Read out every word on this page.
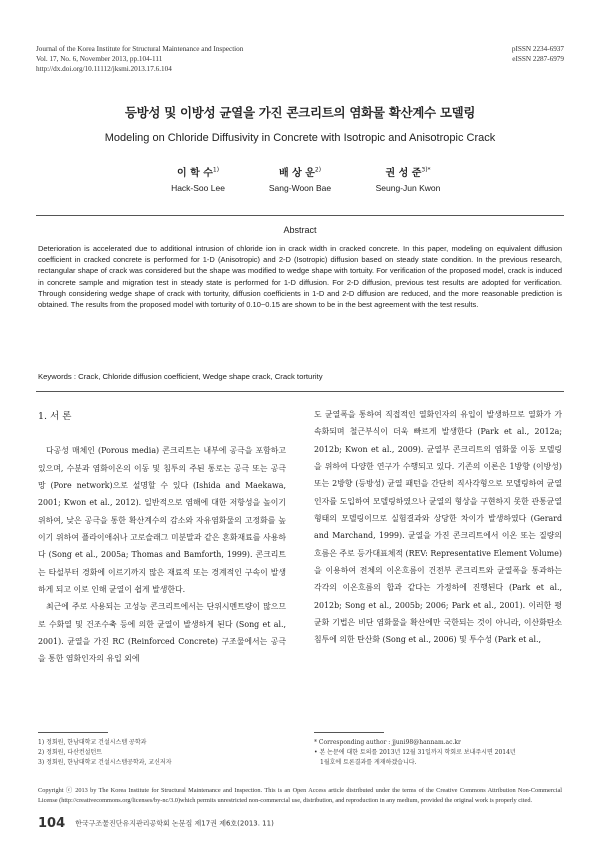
Journal of the Korea Institute for Structural Maintenance and Inspection
Vol. 17, No. 6, November 2013, pp.104-111
http://dx.doi.org/10.11112/jksmi.2013.17.6.104
pISSN 2234-6937
eISSN 2287-6979
등방성 및 이방성 균열을 가진 콘크리트의 염화물 확산계수 모델링
Modeling on Chloride Diffusivity in Concrete with Isotropic and Anisotropic Crack
이 학 수$^{1)}$
Hack-Soo Lee
배 상 운$^{2)}$
Sang-Woon Bae
권 성 준$^{3)*}$
Seung-Jun Kwon
Abstract

Deterioration is accelerated due to additional intrusion of chloride ion in crack width in cracked concrete. In this paper, modeling on equivalent diffusion coefficient in cracked concrete is performed for 1-D (Anisotropic) and 2-D (Isotropic) diffusion based on steady state condition. In the previous research, rectangular shape of crack was considered but the shape was modified to wedge shape with tortuity. For verification of the proposed model, crack is induced in concrete sample and migration test in steady state is performed for 1-D diffusion. For 2-D diffusion, previous test results are adopted for verification. Through considering wedge shape of crack with torturity, diffusion coefficients in 1-D and 2-D diffusion are reduced, and the more reasonable prediction is obtained. The results from the proposed model with torturity of 0.10~0.15 are shown to be in the best agreement with the test results.

Keywords : Crack, Chloride diffusion coefficient, Wedge shape crack, Crack torturity
1. 서 론

다공성 매체인 (Porous media) 콘크리트는 내부에 공극을 포함하고 있으며, 수분과 염화이온의 이동 및 침투의 주된 통로는 공극 또는 공극망 (Pore network)으로 설명할 수 있다 (Ishida and Maekawa, 2001; Kwon et al., 2012). 일반적으로 염해에 대한 저항성을 높이기 위하여, 낮은 공극을 통한 확산계수의 감소와 자유염화물의 고정화를 높이기 위하여 플라이애쉬나 고로슬래그 미분말과 같은 혼화재료를 사용하다 (Song et al., 2005a; Thomas and Bamforth, 1999). 콘크리트는 타설부터 경화에 이르기까지 많은 재료적 또는 경계적인 구속이 발생하게 되고 이로 인해 균열이 쉽게 발생한다.

최근에 주로 사용되는 고성능 콘크리트에서는 단위시멘트량이 많으므로 수화열 및 건조수축 등에 의한 균열이 발생하게 된다 (Song et al., 2001). 균열을 가진 RC (Reinforced Concrete) 구조물에서는 공극을 통한 염화인자의 유입 외에

도 균열폭을 통하여 직접적인 열화인자의 유입이 발생하므로 열화가 가속화되며 철근부식이 더욱 빠르게 발생한다 (Park et al., 2012a; 2012b; Kwon et al., 2009). 균열부 콘크리트의 염화물 이동 모델링을 위하여 다양한 연구가 수행되고 있다. 기존의 이론은 1방향 (이방성) 또는 2방향 (등방성) 균열 패턴을 간단히 직사각형으로 모델링하여 균열인자를 도입하여 모델링하였으나 균열의 형상을 구현하지 못한 관통균열 형태의 모델링이므로 실험결과와 상당한 차이가 발생하였다 (Gerard and Marchand, 1999). 균열을 가진 콘크리트에서 이온 또는 질량의 흐름은 주로 등가대표체적 (REV: Representative Element Volume)을 이용하여 전체의 이온흐름이 건전부 콘크리트와 균열폭을 통과하는 각각의 이온흐름의 합과 같다는 가정하에 진행된다 (Park et al., 2012b; Song et al., 2005b; 2006; Park et al., 2001). 이러한 평균화 기법은 비단 염화물을 확산에만 국한되는 것이 아니라, 이산화탄소 침투에 의한 탄산화 (Song et al., 2006) 및 투수성 (Park et al.,

1) 정회원, 한남대학교 건설시스템 공학과
2) 정회원, 다산컨설턴트
3) 정회원, 한남대학교 건설시스템공학과, 교신저자
* Corresponding author : jjuni98@hannam.ac.kr
• 본 논문에 대한 토의를 2013년 12월 31일까지 학회로 보내주시면 2014년
1월호에 토론결과를 게재하겠습니다.
Copyright ⓒ 2013 by The Korea Institute for Structural Maintenance and Inspection. This is an Open Access article distributed under the terms of the Creative Commons Attribution Non-Commercial License (http://creativecommons.org/licenses/by-nc/3.0)which permits unrestricted non-commercial use, distribution, and reproduction in any medium, provided the original work is properly cited.
104 한국구조물진단유지관리공학회 논문집 제17권 제6호(2013. 11)
